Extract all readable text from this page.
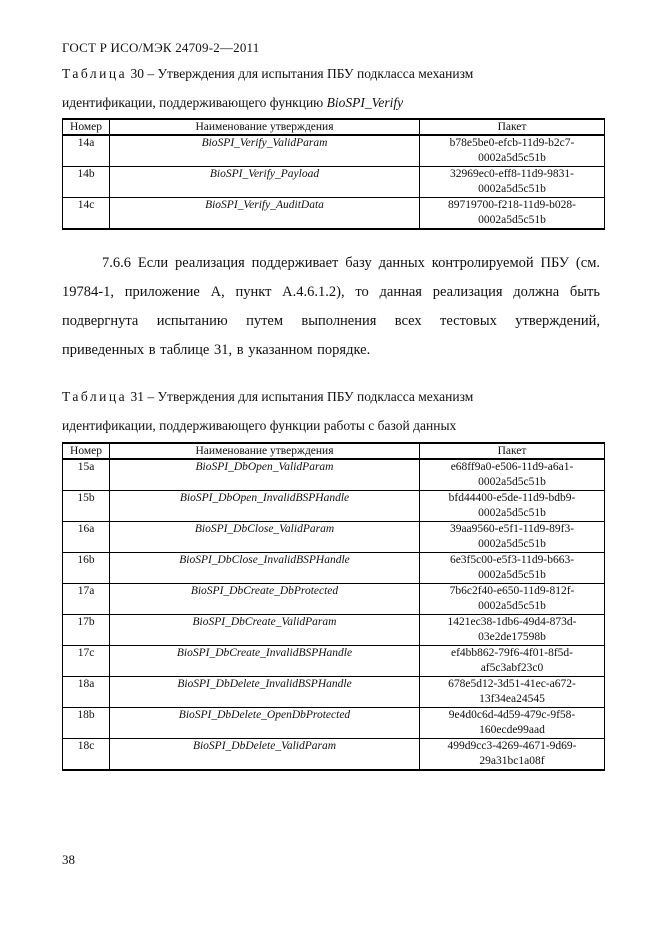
ГОСТ Р ИСО/МЭК 24709-2—2011
Таблица 30 – Утверждения для испытания ПБУ подкласса механизм
идентификации, поддерживающего функцию BioSPI_Verify
Номер	Наименование утверждения	Пакет

14a	BioSPI_Verify_ValidParam	b78e5be0-efcb-11d9-b2c7-
0002a5d5c51b

14b	BioSPI_Verify_Payload	32969ec0-eff8-11d9-9831-
0002a5d5c51b

14c	BioSPI_Verify_AuditData	89719700-f218-11d9-b028-
0002a5d5c51b
7.6.6 Если реализация поддерживает базу данных контролируемой ПБУ (см. 19784-1, приложение А, пункт А.4.6.1.2), то данная реализация должна быть подвергнута испытанию путем выполнения всех тестовых утверждений, приведенных в таблице 31, в указанном порядке.
Таблица 31 – Утверждения для испытания ПБУ подкласса механизм
идентификации, поддерживающего функции работы с базой данных
Номер	Наименование утверждения	Пакет

15a	BioSPI_DbOpen_ValidParam	e68ff9a0-e506-11d9-a6a1-
0002a5d5c51b

15b	BioSPI_DbOpen_InvalidBSPHandle	bfd44400-e5de-11d9-bdb9-
0002a5d5c51b

16a	BioSPI_DbClose_ValidParam	39aa9560-e5f1-11d9-89f3-
0002a5d5c51b

16b	BioSPI_DbClose_InvalidBSPHandle	6e3f5c00-e5f3-11d9-b663-
0002a5d5c51b

17a	BioSPI_DbCreate_DbProtected	7b6c2f40-e650-11d9-812f-
0002a5d5c51b

17b	BioSPI_DbCreate_ValidParam	1421ec38-1db6-49d4-873d-
03e2de17598b

17c	BioSPI_DbCreate_InvalidBSPHandle	ef4bb862-79f6-4f01-8f5d-
af5c3abf23c0

18a	BioSPI_DbDelete_InvalidBSPHandle	678e5d12-3d51-41ec-a672-
13f34ea24545

18b	BioSPI_DbDelete_OpenDbProtected	9e4d0c6d-4d59-479c-9f58-
160ecde99aad

18c	BioSPI_DbDelete_ValidParam	499d9cc3-4269-4671-9d69-
29a31bc1a08f
38
